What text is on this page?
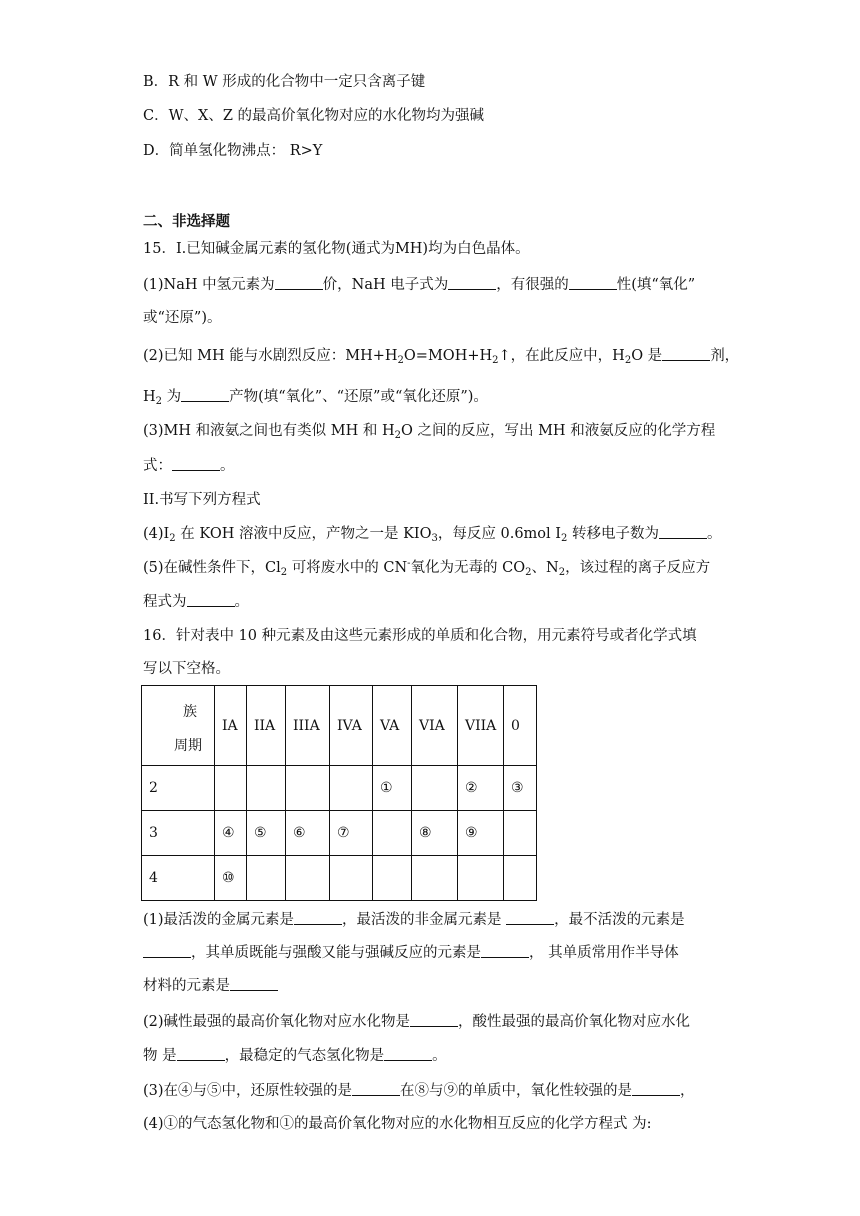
B．R 和 W 形成的化合物中一定只含离子键
C．W、X、Z 的最高价氧化物对应的水化物均为强碱
D．简单氢化物沸点： R>Y
二、非选择题
15．I.已知碱金属元素的氢化物(通式为MH)均为白色晶体。
(1)NaH 中氢元素为	价，NaH 电子式为	，有很强的	性(填“氧化”
或“还原”)。
(2)已知 MH 能与水剧烈反应：$MH+H_2O=MOH+H_2↑$，在此反应中，$H_2O$ 是	剂，
$H_2$ 为	产物(填“氧化”、“还原”或“氧化还原”)。
(3)MH 和液氨之间也有类似 MH 和 $H_2O$ 之间的反应，写出 MH 和液氨反应的化学方程
式：	。
II.书写下列方程式
$(4)I_2$ 在 KOH 溶液中反应，产物之一是 $KIO_3$，每反应 0.6mol $I_2$ 转移电子数为	。
(5)在碱性条件下，$Cl_2$ 可将废水中的 CN-氧化为无毒的 $CO_2$、$N_2$，该过程的离子反应方
程式为	。
16．针对表中 10 种元素及由这些元素形成的单质和化合物，用元素符号或者化学式填
写以下空格。
族
周期	IA	IIA	IIIA	IVA	VA	VIA	VIIA	0
2					①		②	③
3	④	⑤	⑥	⑦		⑧	⑨	
4	⑩							
(1)最活泼的金属元素是	，最活泼的非金属元素是	，最不活泼的元素是
，其单质既能与强酸又能与强碱反应的元素是	， 其单质常用作半导体
材料的元素是
(2)碱性最强的最高价氧化物对应水化物是	，酸性最强的最高价氧化物对应水化
物 是	，最稳定的气态氢化物是	。
(3)在④与⑤中，还原性较强的是	在⑧与⑨的单质中，氧化性较强的是	，
(4)①的气态氢化物和①的最高价氧化物对应的水化物相互反应的化学方程式 为:
